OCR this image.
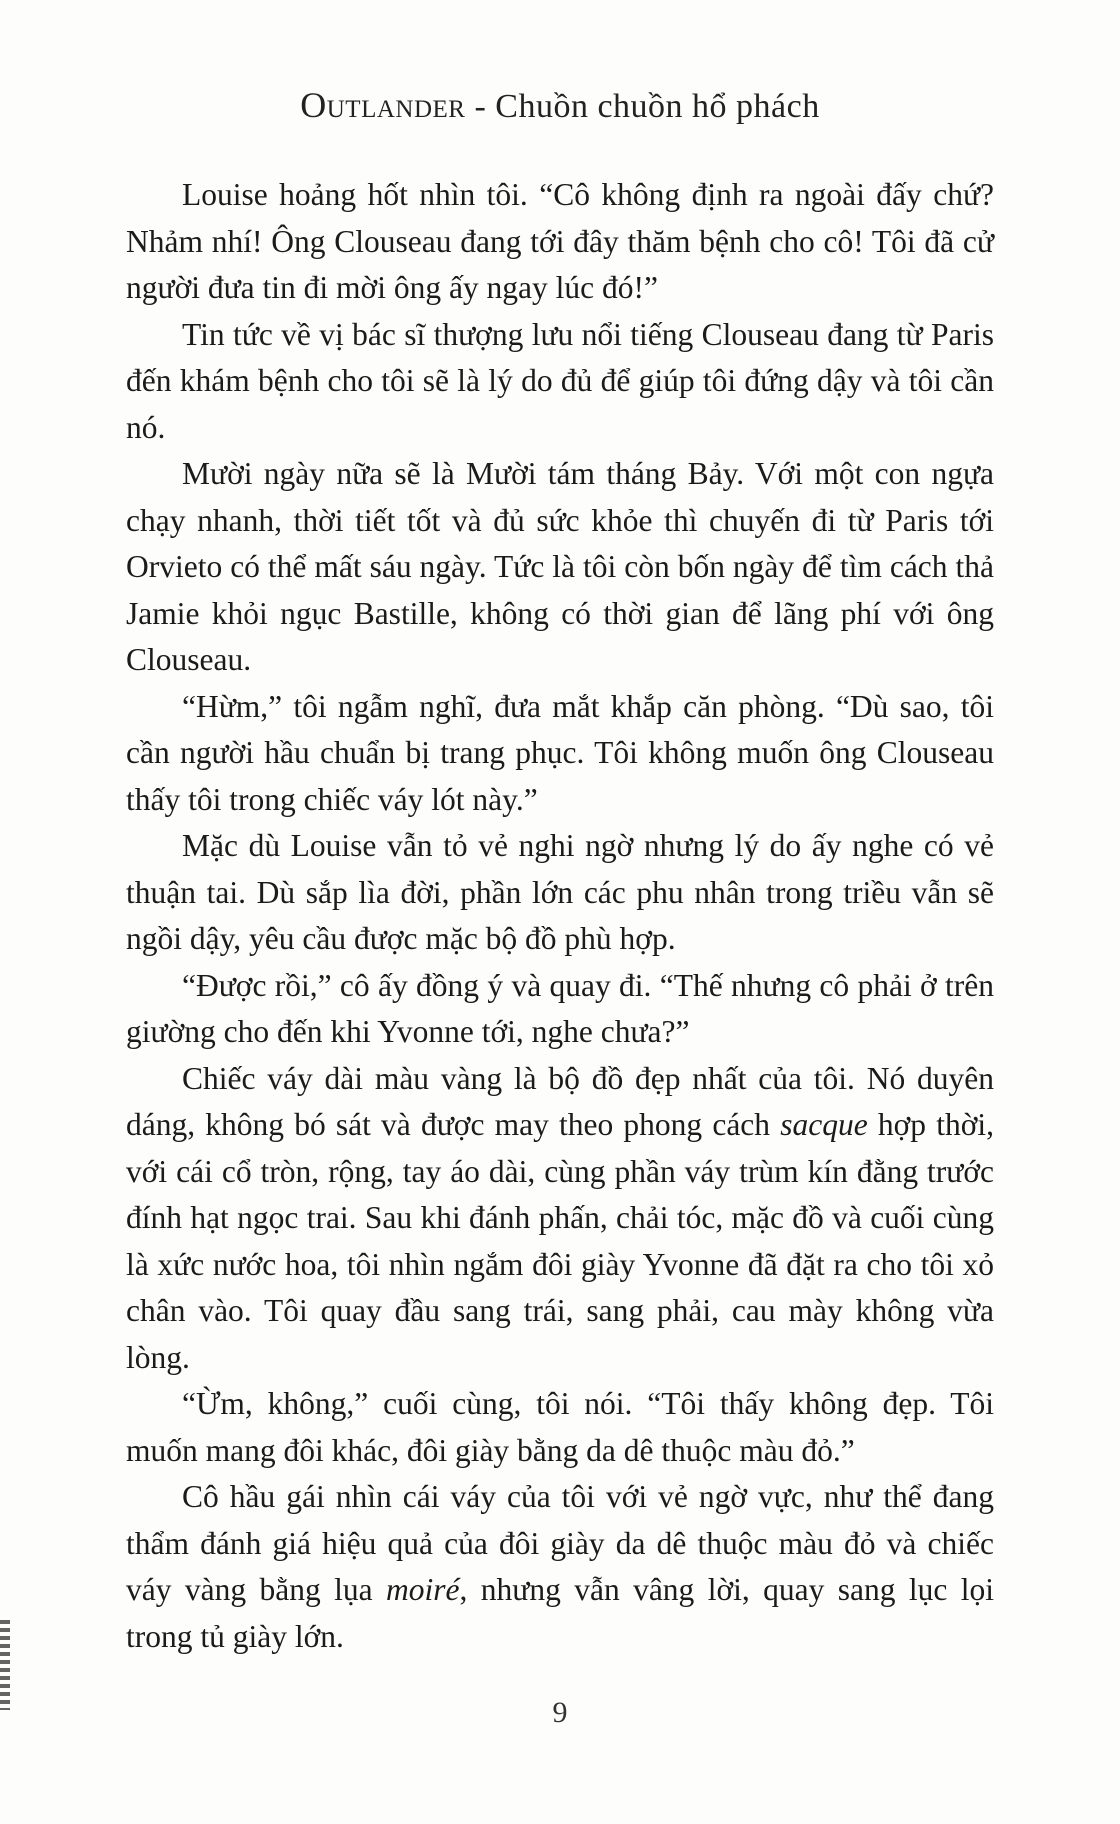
Outlander - Chuồn chuồn hổ phách

Louise hoảng hốt nhìn tôi. “Cô không định ra ngoài đấy chứ? Nhảm nhí! Ông Clouseau đang tới đây thăm bệnh cho cô! Tôi đã cử người đưa tin đi mời ông ấy ngay lúc đó!”

Tin tức về vị bác sĩ thượng lưu nổi tiếng Clouseau đang từ Paris đến khám bệnh cho tôi sẽ là lý do đủ để giúp tôi đứng dậy và tôi cần nó.

Mười ngày nữa sẽ là Mười tám tháng Bảy. Với một con ngựa chạy nhanh, thời tiết tốt và đủ sức khỏe thì chuyến đi từ Paris tới Orvieto có thể mất sáu ngày. Tức là tôi còn bốn ngày để tìm cách thả Jamie khỏi ngục Bastille, không có thời gian để lãng phí với ông Clouseau.

“Hừm,” tôi ngẫm nghĩ, đưa mắt khắp căn phòng. “Dù sao, tôi cần người hầu chuẩn bị trang phục. Tôi không muốn ông Clouseau thấy tôi trong chiếc váy lót này.”

Mặc dù Louise vẫn tỏ vẻ nghi ngờ nhưng lý do ấy nghe có vẻ thuận tai. Dù sắp lìa đời, phần lớn các phu nhân trong triều vẫn sẽ ngồi dậy, yêu cầu được mặc bộ đồ phù hợp.

“Được rồi,” cô ấy đồng ý và quay đi. “Thế nhưng cô phải ở trên giường cho đến khi Yvonne tới, nghe chưa?”

Chiếc váy dài màu vàng là bộ đồ đẹp nhất của tôi. Nó duyên dáng, không bó sát và được may theo phong cách sacque hợp thời, với cái cổ tròn, rộng, tay áo dài, cùng phần váy trùm kín đằng trước đính hạt ngọc trai. Sau khi đánh phấn, chải tóc, mặc đồ và cuối cùng là xức nước hoa, tôi nhìn ngắm đôi giày Yvonne đã đặt ra cho tôi xỏ chân vào. Tôi quay đầu sang trái, sang phải, cau mày không vừa lòng.

“Ừm, không,” cuối cùng, tôi nói. “Tôi thấy không đẹp. Tôi muốn mang đôi khác, đôi giày bằng da dê thuộc màu đỏ.”

Cô hầu gái nhìn cái váy của tôi với vẻ ngờ vực, như thể đang thẩm đánh giá hiệu quả của đôi giày da dê thuộc màu đỏ và chiếc váy vàng bằng lụa moiré, nhưng vẫn vâng lời, quay sang lục lọi trong tủ giày lớn.

9
